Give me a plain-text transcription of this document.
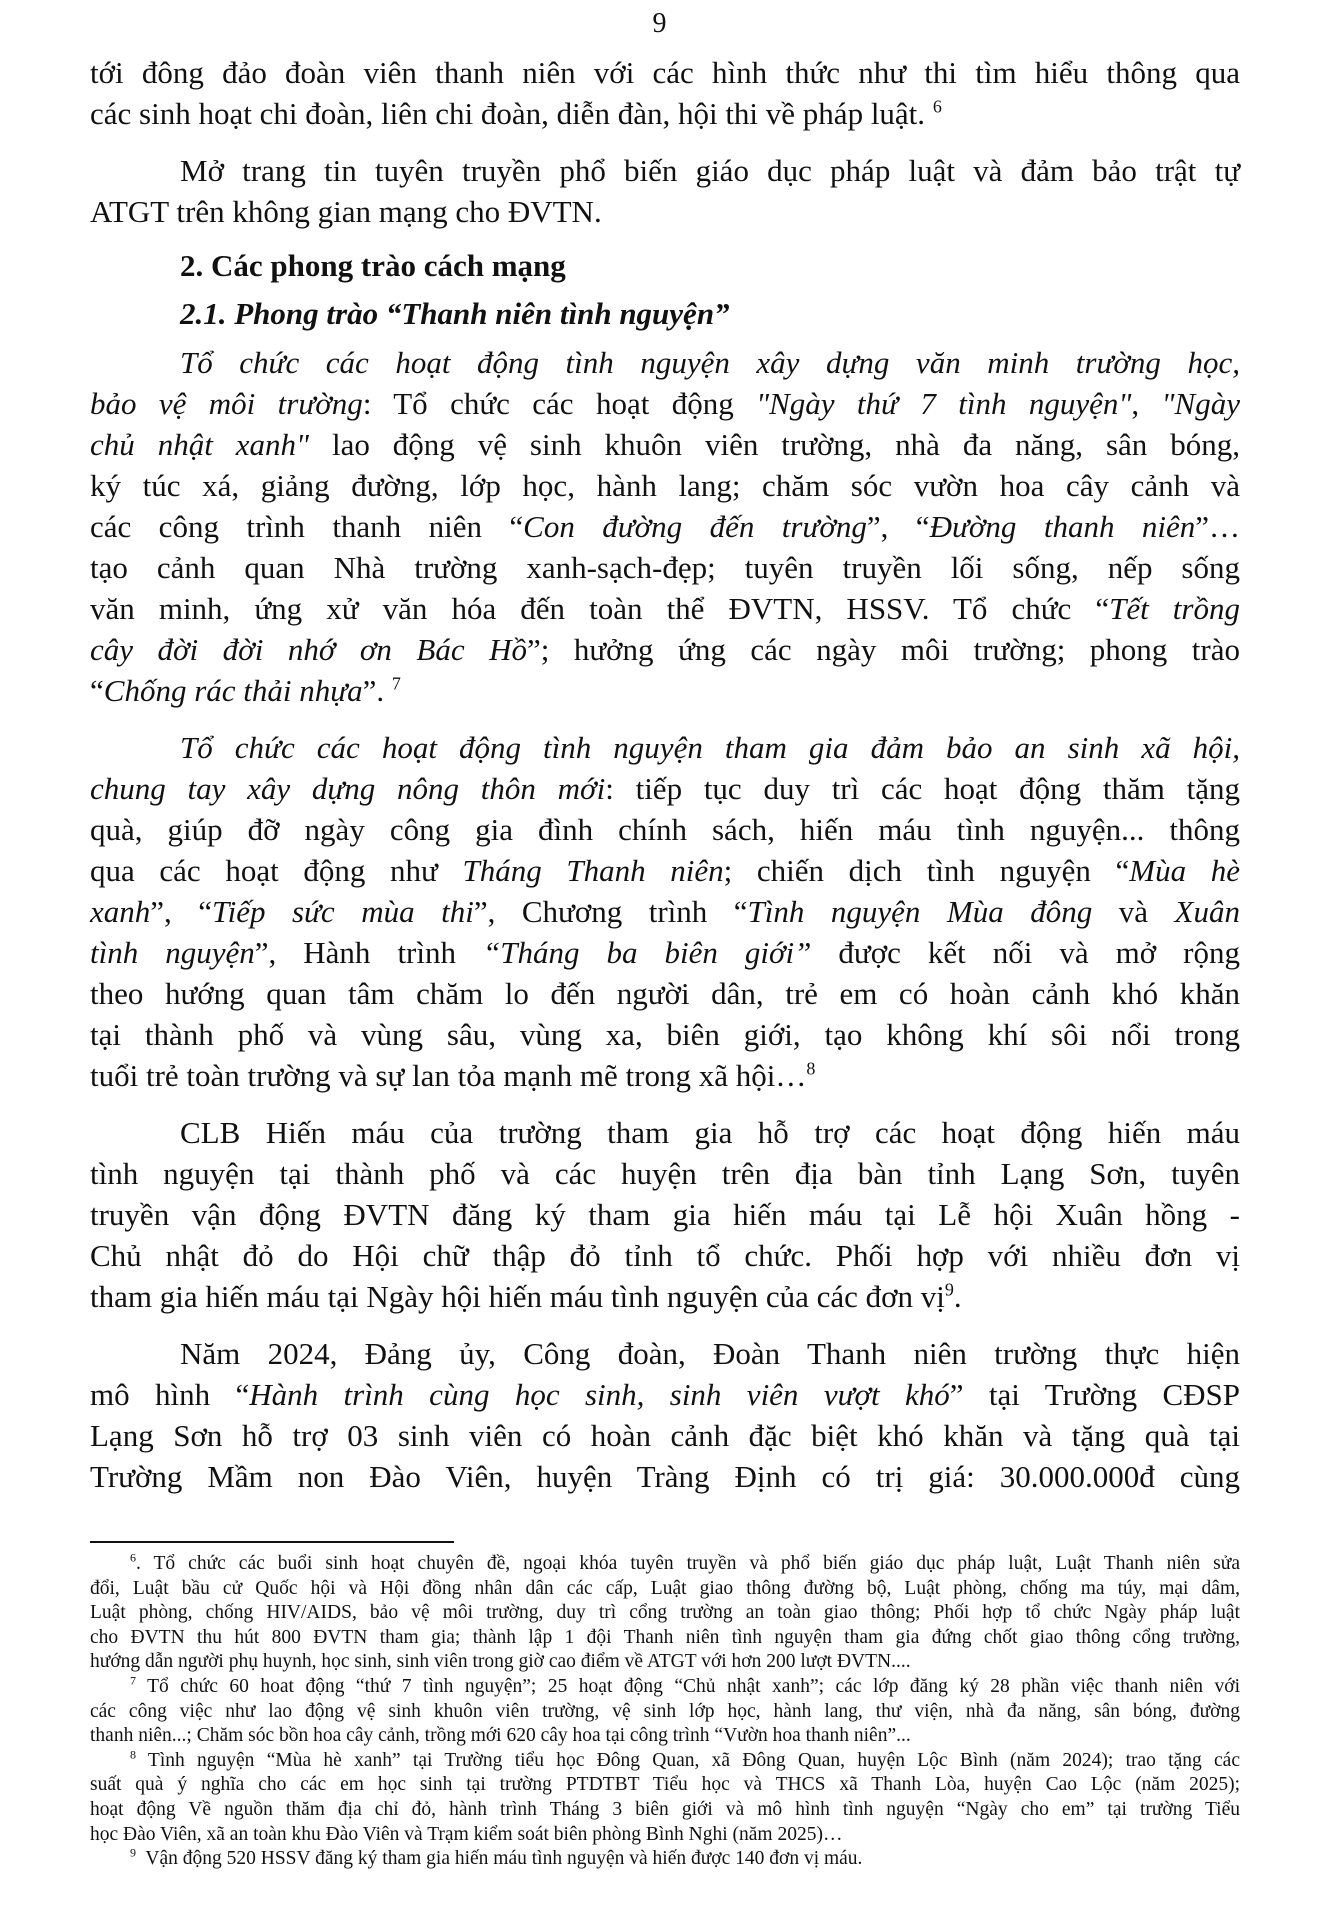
9
tới đông đảo đoàn viên thanh niên với các hình thức như thi tìm hiểu thông qua
các sinh hoạt chi đoàn, liên chi đoàn, diễn đàn, hội thi về pháp luật. $^6$
Mở trang tin tuyên truyền phổ biến giáo dục pháp luật và đảm bảo trật tự
ATGT trên không gian mạng cho ĐVTN.
2. Các phong trào cách mạng
2.1. Phong trào “Thanh niên tình nguyện”
Tổ chức các hoạt động tình nguyện xây dựng văn minh trường học,
bảo vệ môi trường: Tổ chức các hoạt động "Ngày thứ 7 tình nguyện", "Ngày
chủ nhật xanh" lao động vệ sinh khuôn viên trường, nhà đa năng, sân bóng,
ký túc xá, giảng đường, lớp học, hành lang; chăm sóc vườn hoa cây cảnh và
các công trình thanh niên “Con đường đến trường”, “Đường thanh niên”…
tạo cảnh quan Nhà trường xanh-sạch-đẹp; tuyên truyền lối sống, nếp sống
văn minh, ứng xử văn hóa đến toàn thể ĐVTN, HSSV. Tổ chức “Tết trồng
cây đời đời nhớ ơn Bác Hồ”; hưởng ứng các ngày môi trường; phong trào
“Chống rác thải nhựa”. $^7$
Tổ chức các hoạt động tình nguyện tham gia đảm bảo an sinh xã hội,
chung tay xây dựng nông thôn mới: tiếp tục duy trì các hoạt động thăm tặng
quà, giúp đỡ ngày công gia đình chính sách, hiến máu tình nguyện... thông
qua các hoạt động như Tháng Thanh niên; chiến dịch tình nguyện “Mùa hè
xanh”, “Tiếp sức mùa thi”, Chương trình “Tình nguyện Mùa đông và Xuân
tình nguyện”, Hành trình “Tháng ba biên giới” được kết nối và mở rộng
theo hướng quan tâm chăm lo đến người dân, trẻ em có hoàn cảnh khó khăn
tại thành phố và vùng sâu, vùng xa, biên giới, tạo không khí sôi nổi trong
tuổi trẻ toàn trường và sự lan tỏa mạnh mẽ trong xã hội…$^8$
CLB Hiến máu của trường tham gia hỗ trợ các hoạt động hiến máu
tình nguyện tại thành phố và các huyện trên địa bàn tỉnh Lạng Sơn, tuyên
truyền vận động ĐVTN đăng ký tham gia hiến máu tại Lễ hội Xuân hồng -
Chủ nhật đỏ do Hội chữ thập đỏ tỉnh tổ chức. Phối hợp với nhiều đơn vị
tham gia hiến máu tại Ngày hội hiến máu tình nguyện của các đơn vị$^9$.
Năm 2024, Đảng ủy, Công đoàn, Đoàn Thanh niên trường thực hiện
mô hình “Hành trình cùng học sinh, sinh viên vượt khó” tại Trường CĐSP
Lạng Sơn hỗ trợ 03 sinh viên có hoàn cảnh đặc biệt khó khăn và tặng quà tại
Trường Mầm non Đào Viên, huyện Tràng Định có trị giá: 30.000.000đ cùng
$^6$. Tổ chức các buổi sinh hoạt chuyên đề, ngoại khóa tuyên truyền và phổ biến giáo dục pháp luật, Luật Thanh niên sửa
đổi, Luật bầu cử Quốc hội và Hội đồng nhân dân các cấp, Luật giao thông đường bộ, Luật phòng, chống ma túy, mại dâm,
Luật phòng, chống HIV/AIDS, bảo vệ môi trường, duy trì cổng trường an toàn giao thông; Phối hợp tổ chức Ngày pháp luật
cho ĐVTN thu hút 800 ĐVTN tham gia; thành lập 1 đội Thanh niên tình nguyện tham gia đứng chốt giao thông cổng trường,
hướng dẫn người phụ huynh, học sinh, sinh viên trong giờ cao điểm về ATGT với hơn 200 lượt ĐVTN....
$^7$ Tổ chức 60 hoat động “thứ 7 tình nguyện”; 25 hoạt động “Chủ nhật xanh”; các lớp đăng ký 28 phần việc thanh niên với
các công việc như lao động vệ sinh khuôn viên trường, vệ sinh lớp học, hành lang, thư viện, nhà đa năng, sân bóng, đường
thanh niên...; Chăm sóc bồn hoa cây cảnh, trồng mới 620 cây hoa tại công trình “Vườn hoa thanh niên”...
$^8$ Tình nguyện “Mùa hè xanh” tại Trường tiểu học Đông Quan, xã Đông Quan, huyện Lộc Bình (năm 2024); trao tặng các
suất quà ý nghĩa cho các em học sinh tại trường PTDTBT Tiểu học và THCS xã Thanh Lòa, huyện Cao Lộc (năm 2025);
hoạt động Về nguồn thăm địa chỉ đỏ, hành trình Tháng 3 biên giới và mô hình tình nguyện “Ngày cho em” tại trường Tiểu
học Đào Viên, xã an toàn khu Đào Viên và Trạm kiểm soát biên phòng Bình Nghi (năm 2025)…
$^9$  Vận động 520 HSSV đăng ký tham gia hiến máu tình nguyện và hiến được 140 đơn vị máu.
